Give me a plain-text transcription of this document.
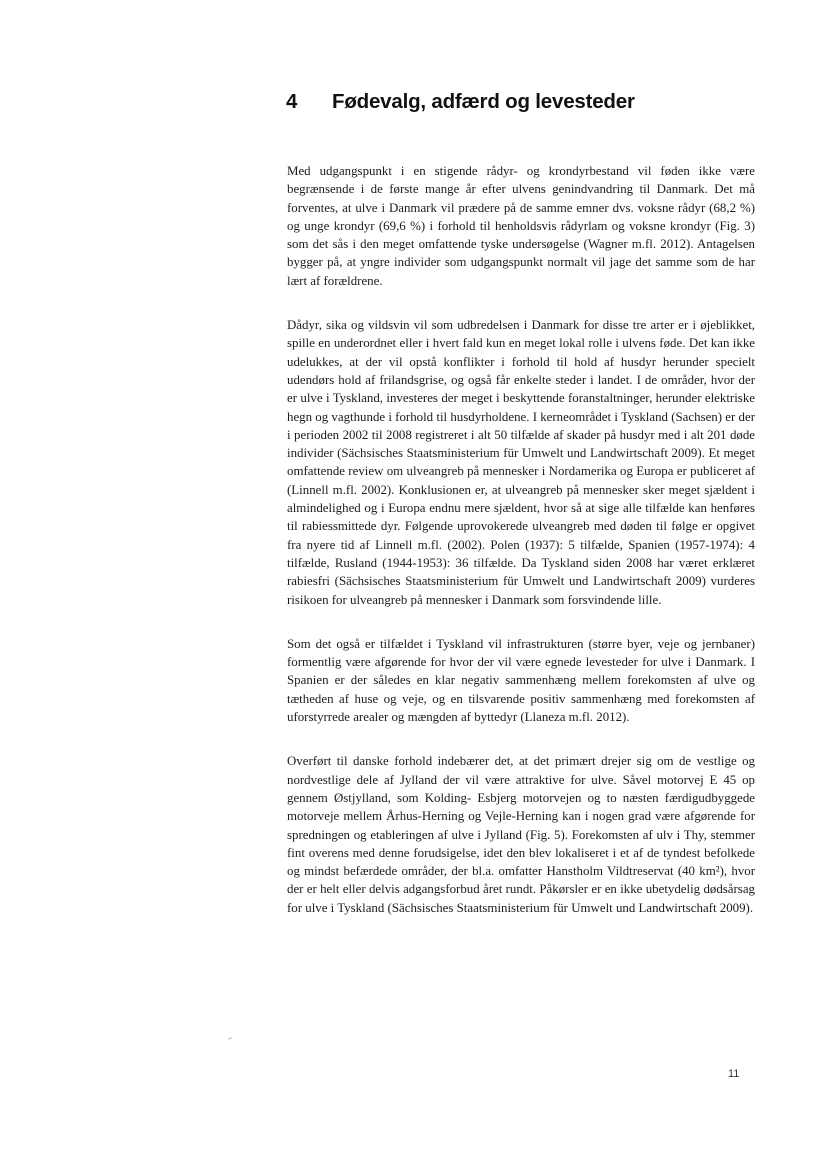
4 Fødevalg, adfærd og levesteder

Med udgangspunkt i en stigende rådyr- og krondyrbestand vil føden ikke være begrænsende i de første mange år efter ulvens genindvandring til Danmark. Det må forventes, at ulve i Danmark vil prædere på de samme emner dvs. voksne rådyr (68,2 %) og unge krondyr (69,6 %) i forhold til henholdsvis rådyrlam og voksne krondyr (Fig. 3) som det sås i den meget omfattende tyske undersøgelse (Wagner m.fl. 2012). Antagelsen bygger på, at yngre individer som udgangspunkt normalt vil jage det samme som de har lært af forældrene.

Dådyr, sika og vildsvin vil som udbredelsen i Danmark for disse tre arter er i øjeblikket, spille en underordnet eller i hvert fald kun en meget lokal rolle i ulvens føde. Det kan ikke udelukkes, at der vil opstå konflikter i forhold til hold af husdyr herunder specielt udendørs hold af frilandsgrise, og også får enkelte steder i landet. I de områder, hvor der er ulve i Tyskland, investeres der meget i beskyttende foranstaltninger, herunder elektriske hegn og vagthunde i forhold til husdyrholdene. I kerneområdet i Tyskland (Sachsen) er der i perioden 2002 til 2008 registreret i alt 50 tilfælde af skader på husdyr med i alt 201 døde individer (Sächsisches Staatsministerium für Umwelt und Landwirtschaft 2009). Et meget omfattende review om ulveangreb på mennesker i Nordamerika og Europa er publiceret af (Linnell m.fl. 2002). Konklusionen er, at ulveangreb på mennesker sker meget sjældent i almindelighed og i Europa endnu mere sjældent, hvor så at sige alle tilfælde kan henføres til rabiessmittede dyr. Følgende uprovokerede ulveangreb med døden til følge er opgivet fra nyere tid af Linnell m.fl. (2002). Polen (1937): 5 tilfælde, Spanien (1957-1974): 4 tilfælde, Rusland (1944-1953): 36 tilfælde. Da Tyskland siden 2008 har været erklæret rabiesfri (Sächsisches Staatsministerium für Umwelt und Landwirtschaft 2009) vurderes risikoen for ulveangreb på mennesker i Danmark som forsvindende lille.

Som det også er tilfældet i Tyskland vil infrastrukturen (større byer, veje og jernbaner) formentlig være afgørende for hvor der vil være egnede levesteder for ulve i Danmark. I Spanien er der således en klar negativ sammenhæng mellem forekomsten af ulve og tætheden af huse og veje, og en tilsvarende positiv sammenhæng med forekomsten af uforstyrrede arealer og mængden af byttedyr (Llaneza m.fl. 2012).

Overført til danske forhold indebærer det, at det primært drejer sig om de vestlige og nordvestlige dele af Jylland der vil være attraktive for ulve. Såvel motorvej E 45 op gennem Østjylland, som Kolding- Esbjerg motorvejen og to næsten færdigudbyggede motorveje mellem Århus-Herning og Vejle-Herning kan i nogen grad være afgørende for spredningen og etableringen af ulve i Jylland (Fig. 5). Forekomsten af ulv i Thy, stemmer fint overens med denne forudsigelse, idet den blev lokaliseret i et af de tyndest befolkede og mindst befærdede områder, der bl.a. omfatter Hanstholm Vildtreservat (40 km²), hvor der er helt eller delvis adgangsforbud året rundt. Påkørsler er en ikke ubetydelig dødsårsag for ulve i Tyskland (Sächsisches Staatsministerium für Umwelt und Landwirtschaft 2009).

11
